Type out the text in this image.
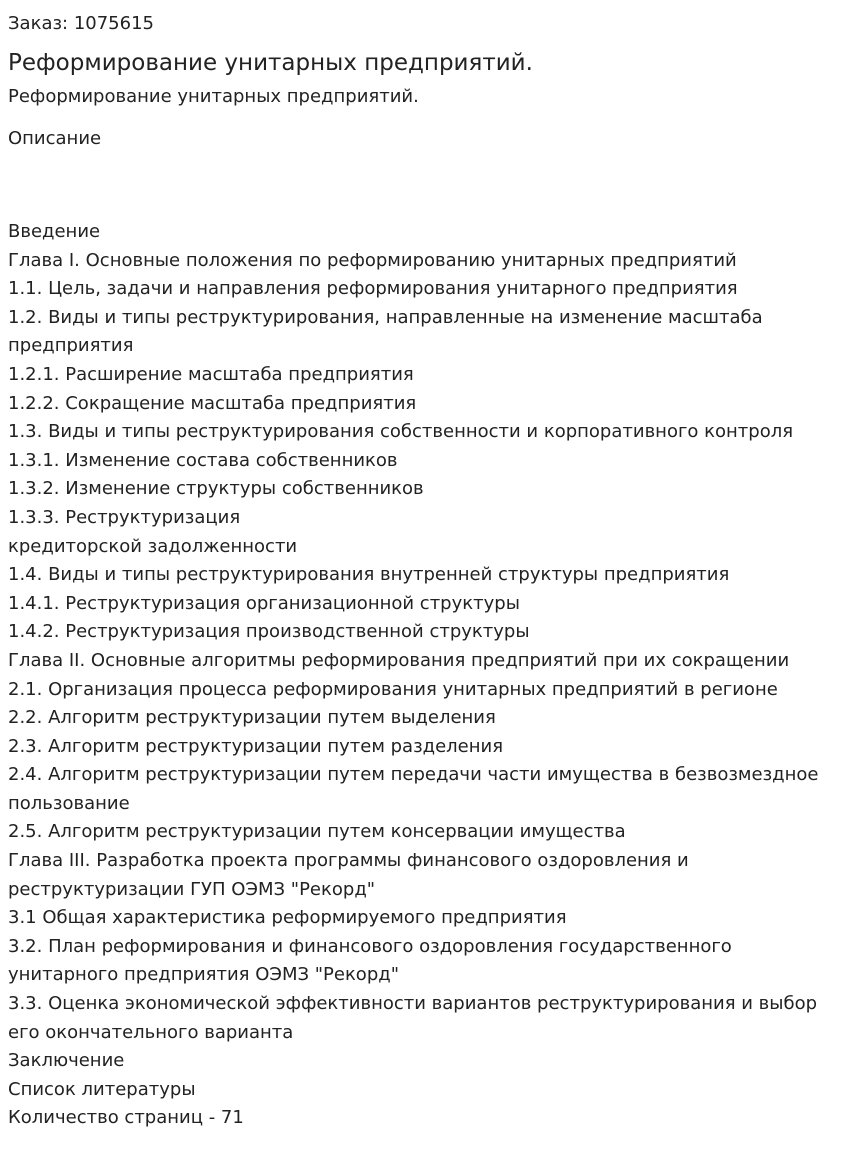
Заказ: 1075615
Реформирование унитарных предприятий.
Реформирование унитарных предприятий.
Описание
Введение
Глава I. Основные положения по реформированию унитарных предприятий
1.1. Цель, задачи и направления реформирования унитарного предприятия
1.2. Виды и типы реструктурирования, направленные на изменение масштаба предприятия
1.2.1. Расширение масштаба предприятия
1.2.2. Сокращение масштаба предприятия
1.3. Виды и типы реструктурирования собственности и корпоративного контроля
1.3.1. Изменение состава собственников
1.3.2. Изменение структуры собственников
1.3.3. Реструктуризация
кредиторской задолженности
1.4. Виды и типы реструктурирования внутренней структуры предприятия
1.4.1. Реструктуризация организационной структуры
1.4.2. Реструктуризация производственной структуры
Глава II. Основные алгоритмы реформирования предприятий при их сокращении
2.1. Организация процесса реформирования унитарных предприятий в регионе
2.2. Алгоритм реструктуризации путем выделения
2.3. Алгоритм реструктуризации путем разделения
2.4. Алгоритм реструктуризации путем передачи части имущества в безвозмездное пользование
2.5. Алгоритм реструктуризации путем консервации имущества
Глава III. Разработка проекта программы финансового оздоровления и реструктуризации ГУП ОЭМЗ "Рекорд"
3.1 Общая характеристика реформируемого предприятия
3.2. План реформирования и финансового оздоровления государственного унитарного предприятия ОЭМЗ "Рекорд"
3.3. Оценка экономической эффективности вариантов реструктурирования и выбор его окончательного варианта
Заключение
Список литературы
Количество страниц - 71
